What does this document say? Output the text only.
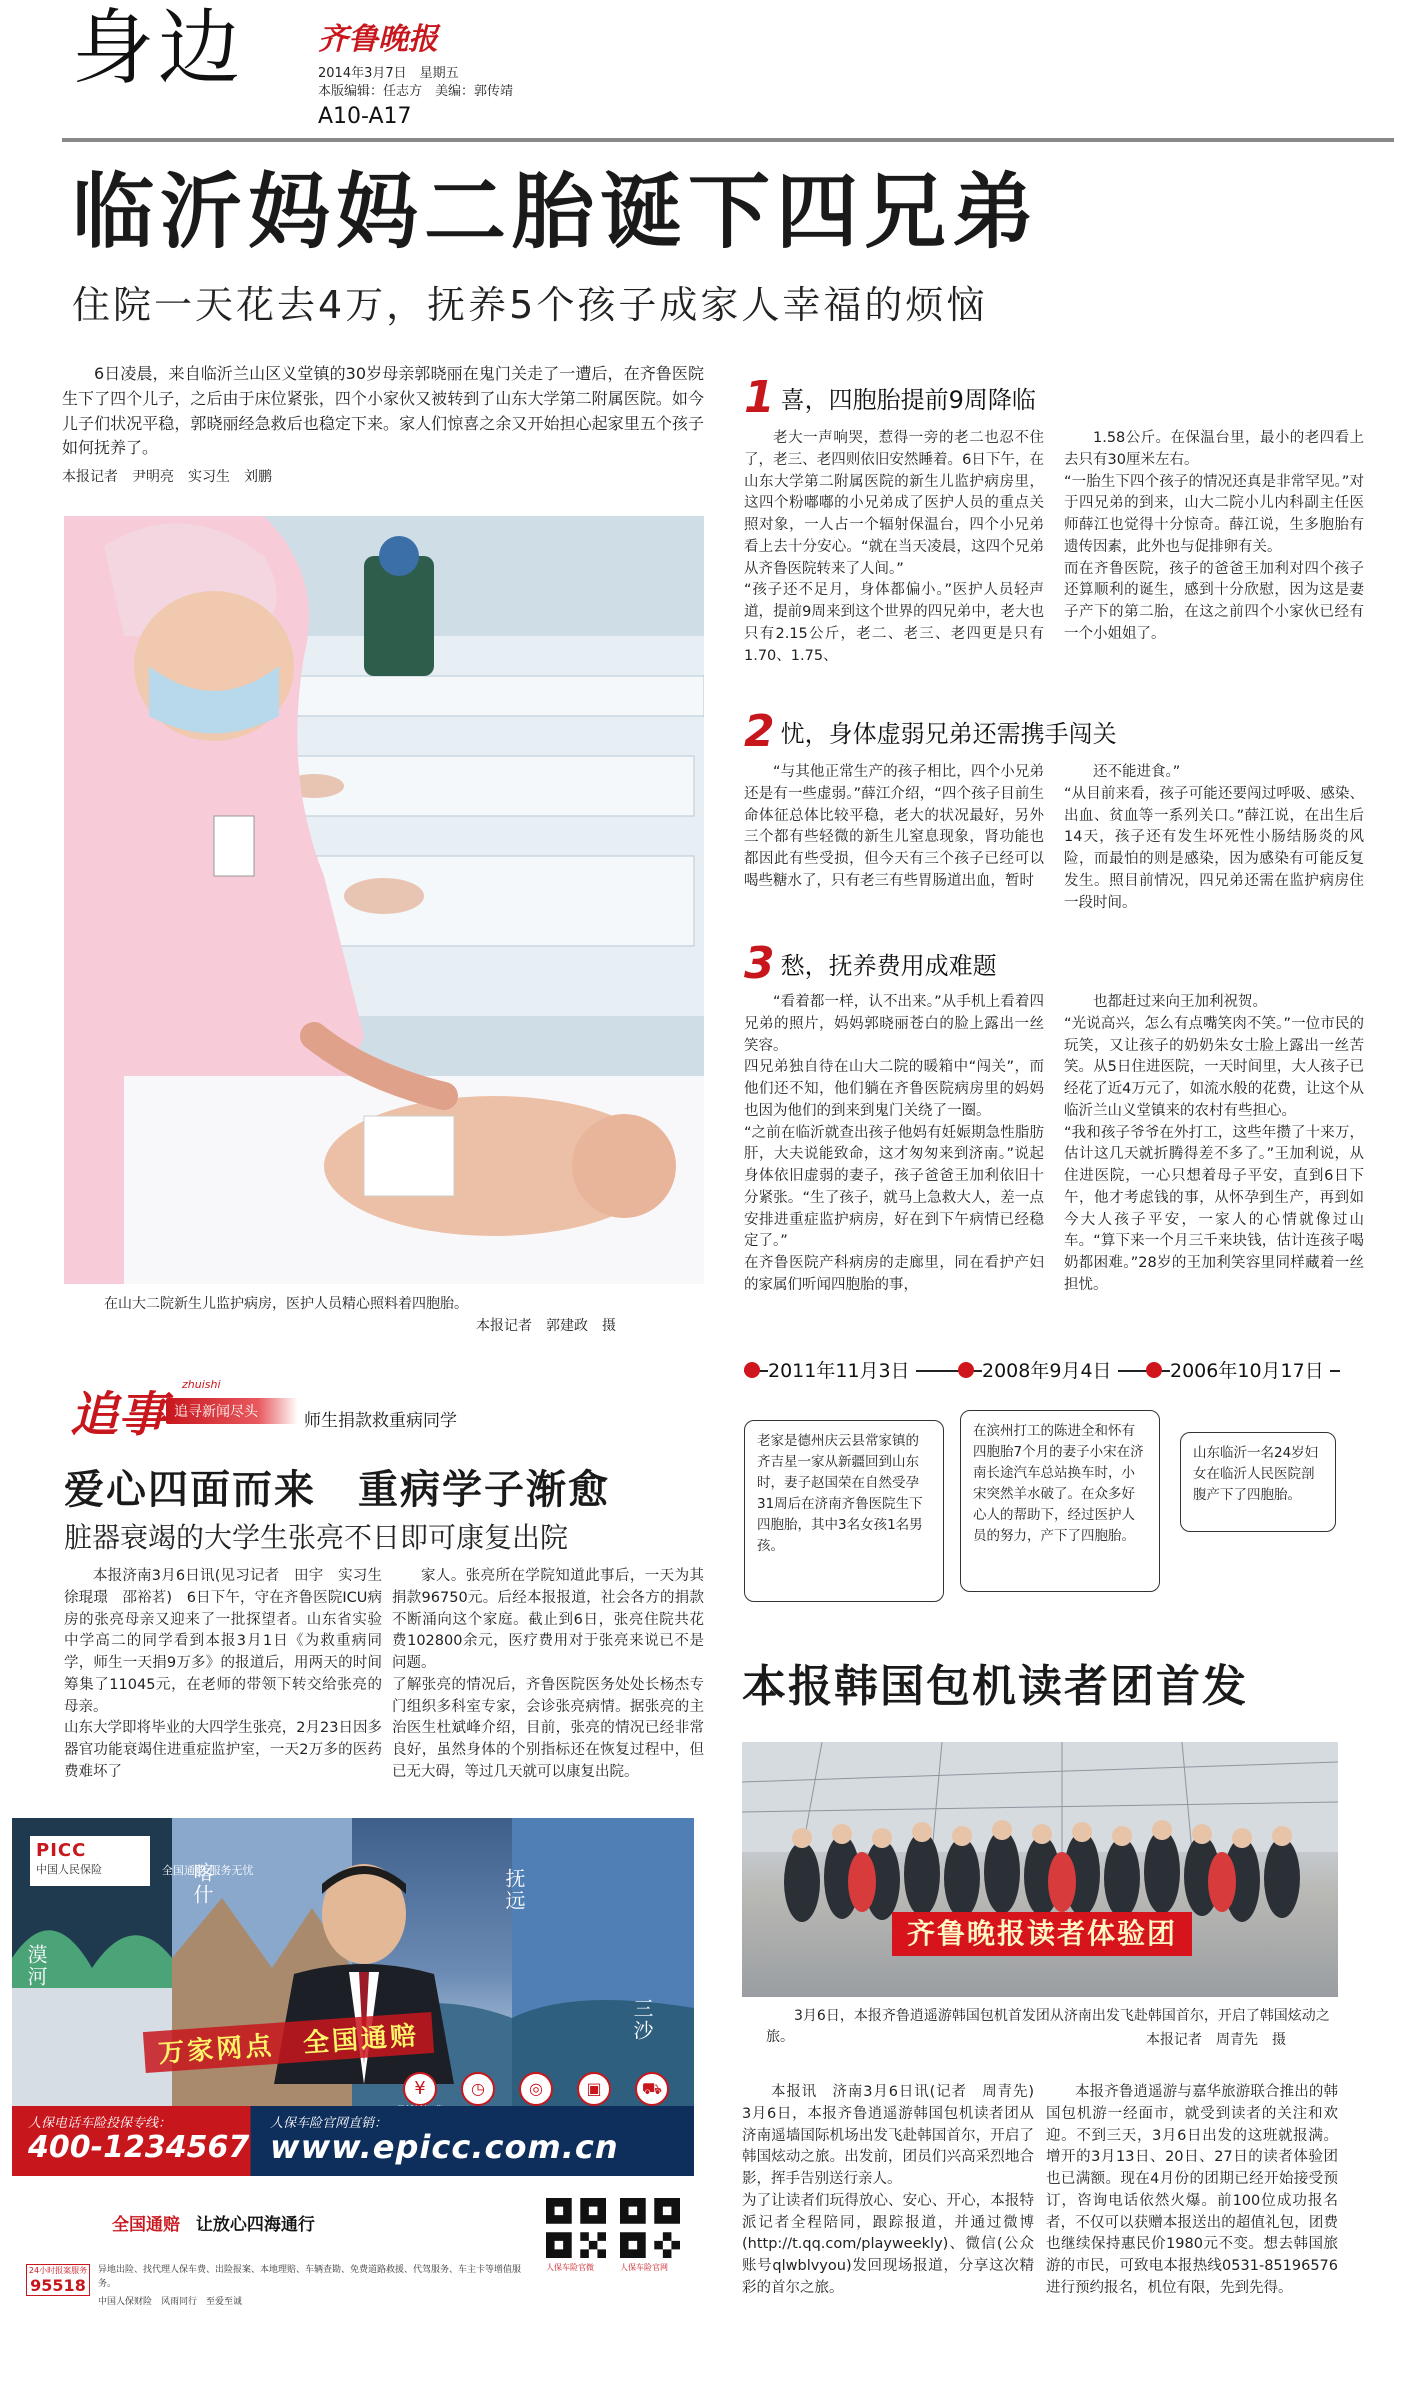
身边 齐鲁晚报
2014年3月7日　星期五
本版编辑：任志方　美编：郭传靖
A10-A17
临沂妈妈二胎诞下四兄弟
住院一天花去4万，抚养5个孩子成家人幸福的烦恼
6日凌晨，来自临沂兰山区义堂镇的30岁母亲郭晓丽在鬼门关走了一遭后，在齐鲁医院生下了四个儿子，之后由于床位紧张，四个小家伙又被转到了山东大学第二附属医院。如今儿子们状况平稳，郭晓丽经急救后也稳定下来。家人们惊喜之余又开始担心起家里五个孩子如何抚养了。
本报记者　尹明亮　实习生　刘鹏
在山大二院新生儿监护病房，医护人员精心照料着四胞胎。
本报记者　郭建政　摄
1 喜，四胞胎提前9周降临
老大一声响哭，惹得一旁的老二也忍不住了，老三、老四则依旧安然睡着。6日下午，在山东大学第二附属医院的新生儿监护病房里，这四个粉嘟嘟的小兄弟成了医护人员的重点关照对象，一人占一个辐射保温台，四个小兄弟看上去十分安心。“就在当天凌晨，这四个兄弟从齐鲁医院转来了人间。”
“孩子还不足月，身体都偏小。”医护人员轻声道，提前9周来到这个世界的四兄弟中，老大也只有2.15公斤，老二、老三、老四更是只有1.70、1.75、
1.58公斤。在保温台里，最小的老四看上去只有30厘米左右。
“一胎生下四个孩子的情况还真是非常罕见。”对于四兄弟的到来，山大二院小儿内科副主任医师薛江也觉得十分惊奇。薛江说，生多胞胎有遗传因素，此外也与促排卵有关。
而在齐鲁医院，孩子的爸爸王加利对四个孩子还算顺利的诞生，感到十分欣慰，因为这是妻子产下的第二胎，在这之前四个小家伙已经有一个小姐姐了。
2 忧，身体虚弱兄弟还需携手闯关
“与其他正常生产的孩子相比，四个小兄弟还是有一些虚弱。”薛江介绍，“四个孩子目前生命体征总体比较平稳，老大的状况最好，另外三个都有些轻微的新生儿窒息现象，肾功能也都因此有些受损，但今天有三个孩子已经可以喝些糖水了，只有老三有些胃肠道出血，暂时
还不能进食。”
“从目前来看，孩子可能还要闯过呼吸、感染、出血、贫血等一系列关口。”薛江说，在出生后14天，孩子还有发生坏死性小肠结肠炎的风险，而最怕的则是感染，因为感染有可能反复发生。照目前情况，四兄弟还需在监护病房住一段时间。
3 愁，抚养费用成难题
“看着都一样，认不出来。”从手机上看着四兄弟的照片，妈妈郭晓丽苍白的脸上露出一丝笑容。
四兄弟独自待在山大二院的暖箱中“闯关”，而他们还不知，他们躺在齐鲁医院病房里的妈妈也因为他们的到来到鬼门关绕了一圈。
“之前在临沂就查出孩子他妈有妊娠期急性脂肪肝，大夫说能致命，这才匆匆来到济南。”说起身体依旧虚弱的妻子，孩子爸爸王加利依旧十分紧张。“生了孩子，就马上急救大人，差一点安排进重症监护病房，好在到下午病情已经稳定了。”
在齐鲁医院产科病房的走廊里，同在看护产妇的家属们听闻四胞胎的事，
也都赶过来向王加利祝贺。
“光说高兴，怎么有点嘴笑肉不笑。”一位市民的玩笑，又让孩子的奶奶朱女士脸上露出一丝苦笑。从5日住进医院，一天时间里，大人孩子已经花了近4万元了，如流水般的花费，让这个从临沂兰山义堂镇来的农村有些担心。
“我和孩子爷爷在外打工，这些年攒了十来万，估计这几天就折腾得差不多了。”王加利说，从住进医院，一心只想着母子平安，直到6日下午，他才考虑钱的事，从怀孕到生产，再到如今大人孩子平安，一家人的心情就像过山车。“算下来一个月三千来块钱，估计连孩子喝奶都困难。”28岁的王加利笑容里同样藏着一丝担忧。
2011年11月3日	2008年9月4日	2006年10月17日
老家是德州庆云县常家镇的齐吉星一家从新疆回到山东时，妻子赵国荣在自然受孕31周后在济南齐鲁医院生下四胞胎，其中3名女孩1名男孩。
在滨州打工的陈进全和怀有四胞胎7个月的妻子小宋在济南长途汽车总站换车时，小宋突然羊水破了。在众多好心人的帮助下，经过医护人员的努力，产下了四胞胎。
山东临沂一名24岁妇女在临沂人民医院剖腹产下了四胞胎。
追事 追寻新闻尽头
zhuishi
师生捐款救重病同学
爱心四面而来　重病学子渐愈
脏器衰竭的大学生张亮不日即可康复出院
本报济南3月6日讯(见习记者　田宇　实习生　徐琨璟　邵裕茗)　6日下午，守在齐鲁医院ICU病房的张亮母亲又迎来了一批探望者。山东省实验中学高二的同学看到本报3月1日《为救重病同学，师生一天捐9万多》的报道后，用两天的时间筹集了11045元，在老师的带领下转交给张亮的母亲。
山东大学即将毕业的大四学生张亮，2月23日因多器官功能衰竭住进重症监护室，一天2万多的医药费难坏了
家人。张亮所在学院知道此事后，一天为其捐款96750元。后经本报报道，社会各方的捐款不断涌向这个家庭。截止到6日，张亮住院共花费102800余元，医疗费用对于张亮来说已不是问题。
了解张亮的情况后，齐鲁医院医务处处长杨杰专门组织多科室专家，会诊张亮病情。据张亮的主治医生杜斌峰介绍，目前，张亮的情况已经非常良好，虽然身体的个别指标还在恢复过程中，但已无大碍，等过几天就可以康复出院。
本报韩国包机读者团首发
齐鲁晚报读者体验团
3月6日，本报齐鲁逍遥游韩国包机首发团从济南出发飞赴韩国首尔，开启了韩国炫动之旅。	本报记者　周青先　摄
本报讯　济南3月6日讯(记者　周青先)　3月6日，本报齐鲁逍遥游韩国包机读者团从济南遥墙国际机场出发飞赴韩国首尔，开启了韩国炫动之旅。出发前，团员们兴高采烈地合影，挥手告别送行亲人。
为了让读者们玩得放心、安心、开心，本报特派记者全程陪同，跟踪报道，并通过微博(http://t.qq.com/playweekly)、微信(公众账号qlwblvyou)发回现场报道，分享这次精彩的首尔之旅。
本报齐鲁逍遥游与嘉华旅游联合推出的韩国包机游一经面市，就受到读者的关注和欢迎。不到三天，3月6日出发的这班就报满。增开的3月13日、20日、27日的读者体验团也已满额。现在4月份的团期已经开始接受预订，咨询电话依然火爆。前100位成功报名者，不仅可以获赠本报送出的超值礼包，团费也继续保持惠民价1980元不变。想去韩国旅游的市民，可致电本报热线0531-85196576进行预约报名，机位有限，先到先得。
PICC
中国人民保险	全国通赔 服务无忧
漠河
喀什	抚远
三沙
万家网点　全国通赔
¥	◷	◎	▣	⛟
人保电话车险投保专线：
400-1234567
人保车险官网直销：
www.epicc.com.cn
全国通赔 让放心四海通行
24小时报案服务
95518
异地出险、找代理人保车费、出险报案、本地理赔、车辆查勘、免费道路救援、代驾服务、车主卡等增值服务。
中国人保财险　风雨同行　至爱至诚
人保车险官微	人保车险官网
